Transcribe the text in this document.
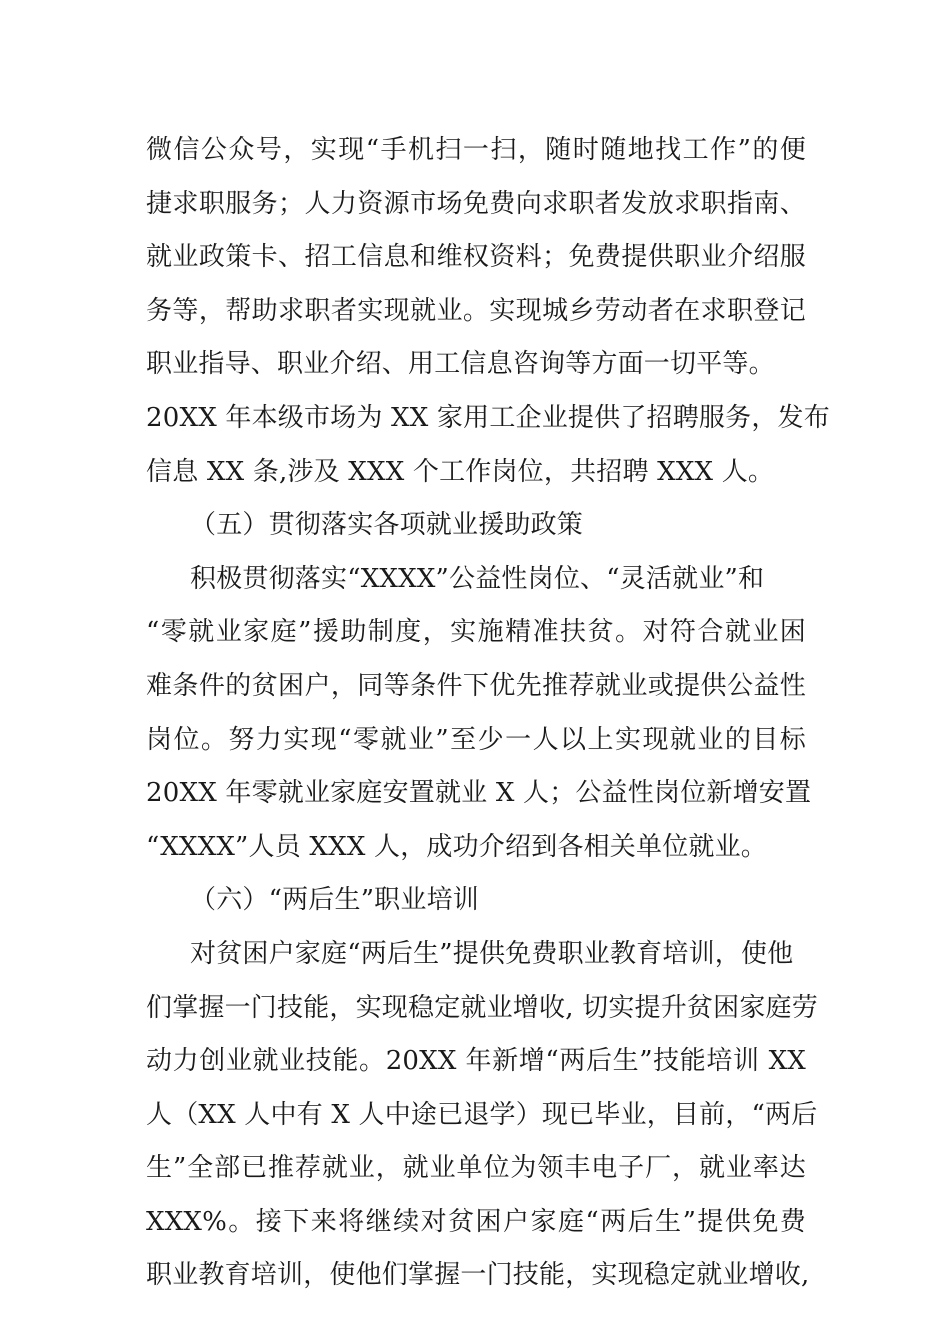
微信公众号，实现“手机扫一扫，随时随地找工作”的便
捷求职服务；人力资源市场免费向求职者发放求职指南、
就业政策卡、招工信息和维权资料；免费提供职业介绍服
务等，帮助求职者实现就业。实现城乡劳动者在求职登记
职业指导、职业介绍、用工信息咨询等方面一切平等。
20XX 年本级市场为 XX 家用工企业提供了招聘服务，发布
信息 XX 条,涉及 XXX 个工作岗位，共招聘 XXX 人。
（五）贯彻落实各项就业援助政策
积极贯彻落实“XXXX”公益性岗位、“灵活就业”和
“零就业家庭”援助制度，实施精准扶贫。对符合就业困
难条件的贫困户，同等条件下优先推荐就业或提供公益性
岗位。努力实现“零就业”至少一人以上实现就业的目标
20XX 年零就业家庭安置就业 X 人；公益性岗位新增安置
“XXXX”人员 XXX 人，成功介绍到各相关单位就业。
（六）“两后生”职业培训
对贫困户家庭“两后生”提供免费职业教育培训，使他
们掌握一门技能，实现稳定就业增收, 切实提升贫困家庭劳
动力创业就业技能。20XX 年新增“两后生”技能培训 XX
人（XX 人中有 X 人中途已退学）现已毕业，目前，“两后
生”全部已推荐就业，就业单位为领丰电子厂，就业率达
XXX%。接下来将继续对贫困户家庭“两后生”提供免费
职业教育培训，使他们掌握一门技能，实现稳定就业增收,
